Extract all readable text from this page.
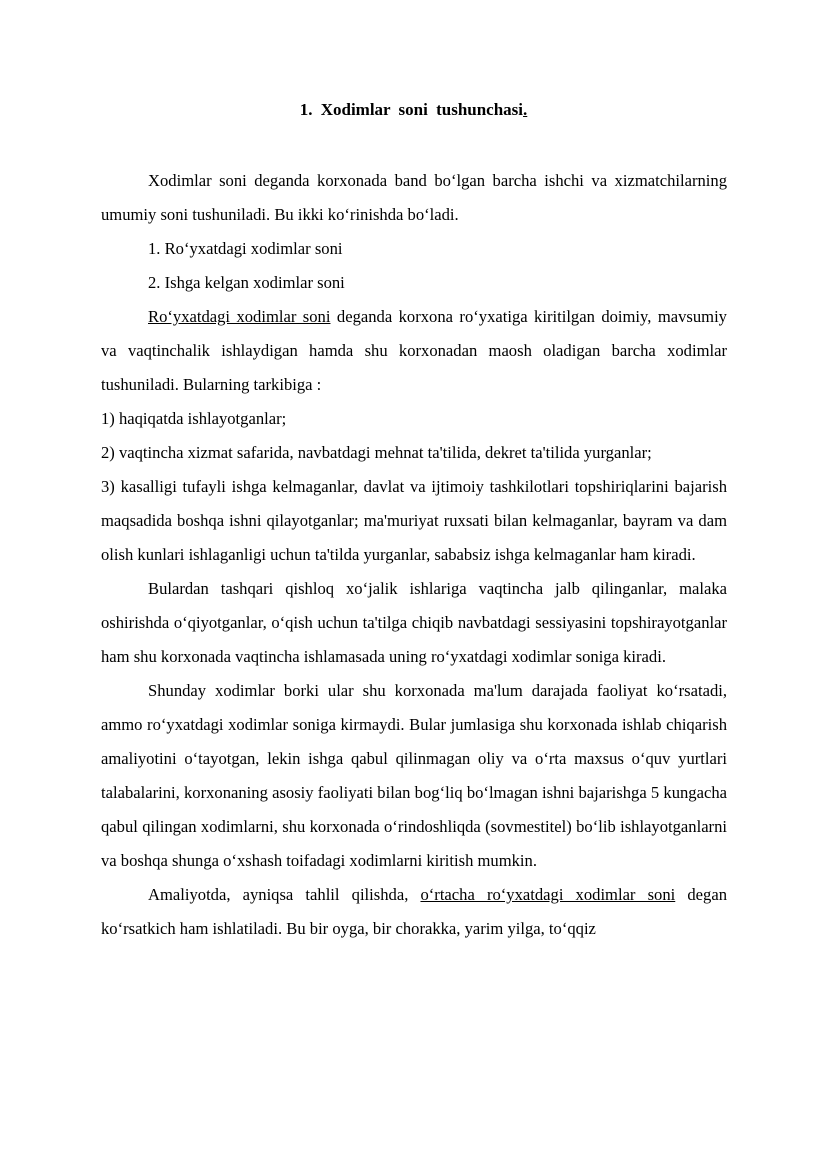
1. Xodimlar soni tushunchasi.

Xodimlar soni deganda korxonada band bo‘lgan barcha ishchi va xizmatchilarning umumiy soni tushuniladi. Bu ikki ko‘rinishda bo‘ladi.

1. Ro‘yxatdagi xodimlar soni

2. Ishga kelgan xodimlar soni

Ro‘yxatdagi xodimlar soni deganda korxona ro‘yxatiga kiritilgan doimiy, mavsumiy va vaqtinchalik ishlaydigan hamda shu korxonadan maosh oladigan barcha xodimlar tushuniladi. Bularning tarkibiga :

1) haqiqatda ishlayotganlar;

2) vaqtincha xizmat safarida, navbatdagi mehnat ta'tilida, dekret ta'tilida yurganlar;

3) kasalligi tufayli ishga kelmaganlar, davlat va ijtimoiy tashkilotlari topshiriqlarini bajarish maqsadida boshqa ishni qilayotganlar; ma'muriyat ruxsati bilan kelmaganlar, bayram va dam olish kunlari ishlaganligi uchun ta'tilda yurganlar, sababsiz ishga kelmaganlar ham kiradi.

Bulardan tashqari qishloq xo‘jalik ishlariga vaqtincha jalb qilinganlar, malaka oshirishda o‘qiyotganlar, o‘qish uchun ta'tilga chiqib navbatdagi sessiyasini topshirayotganlar ham shu korxonada vaqtincha ishlamasada uning ro‘yxatdagi xodimlar soniga kiradi.

Shunday xodimlar borki ular shu korxonada ma'lum darajada faoliyat ko‘rsatadi, ammo ro‘yxatdagi xodimlar soniga kirmaydi. Bular jumlasiga shu korxonada ishlab chiqarish amaliyotini o‘tayotgan, lekin ishga qabul qilinmagan oliy va o‘rta maxsus o‘quv yurtlari talabalarini, korxonaning asosiy faoliyati bilan bog‘liq bo‘lmagan ishni bajarishga 5 kungacha qabul qilingan xodimlarni, shu korxonada o‘rindoshliqda (sovmestitel) bo‘lib ishlayotganlarni va boshqa shunga o‘xshash toifadagi xodimlarni kiritish mumkin.

Amaliyotda, ayniqsa tahlil qilishda, o‘rtacha ro‘yxatdagi xodimlar soni degan ko‘rsatkich ham ishlatiladi. Bu bir oyga, bir chorakka, yarim yilga, to‘qqiz
